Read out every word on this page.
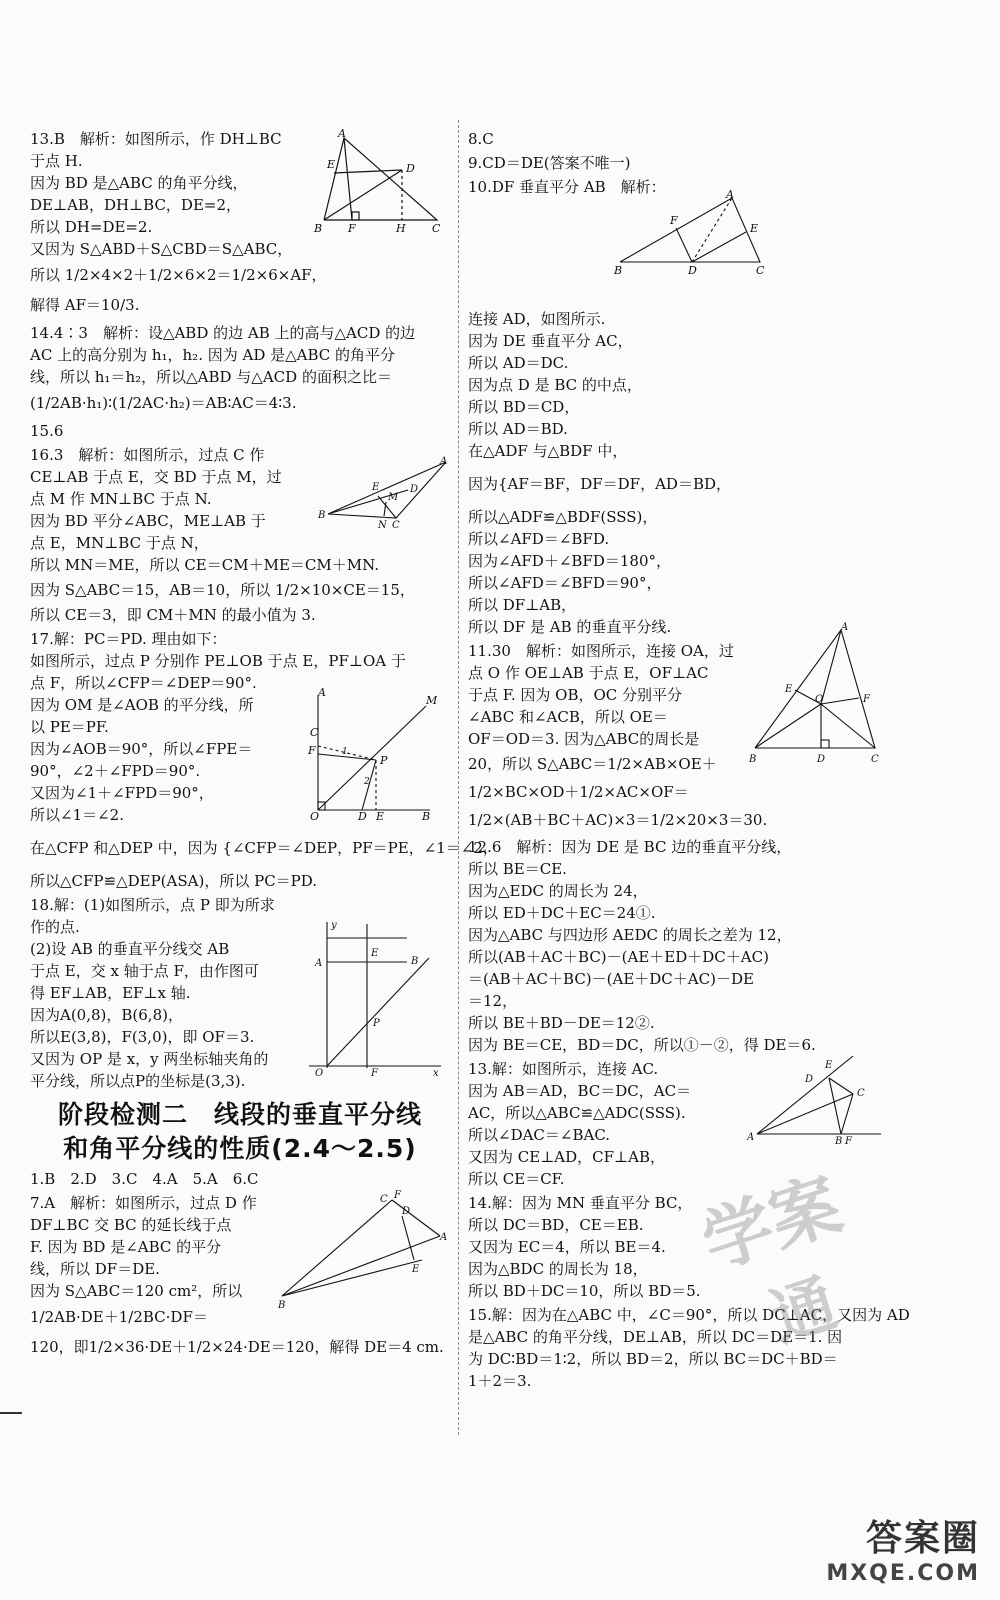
13.B　解析：如图所示，作 DH⊥BC
于点 H.
因为 BD 是△ABC 的角平分线，
DE⊥AB，DH⊥BC，DE=2，
所以 DH=DE=2.
又因为 S△ABD＋S△CBD＝S△ABC，
所以 1/2×4×2＋1/2×6×2＝1/2×6×AF，
解得 AF＝10/3.
14.4∶3　解析：设△ABD 的边 AB 上的高与△ACD 的边
AC 上的高分别为 h₁，h₂. 因为 AD 是△ABC 的角平分
线，所以 h₁＝h₂，所以△ABD 与△ACD 的面积之比＝
(1/2AB·h₁)∶(1/2AC·h₂)＝AB∶AC＝4∶3.
15.6
16.3　解析：如图所示，过点 C 作
CE⊥AB 于点 E，交 BD 于点 M，过
点 M 作 MN⊥BC 于点 N.
因为 BD 平分∠ABC，ME⊥AB 于
点 E，MN⊥BC 于点 N，
所以 MN＝ME，所以 CE＝CM＋ME＝CM＋MN.
因为 S△ABC＝15，AB＝10，所以 1/2×10×CE＝15，
所以 CE＝3，即 CM＋MN 的最小值为 3.
17.解：PC＝PD. 理由如下：
如图所示，过点 P 分别作 PE⊥OB 于点 E，PF⊥OA 于
点 F，所以∠CFP＝∠DEP＝90°.
因为 OM 是∠AOB 的平分线，所
以 PE＝PF.
因为∠AOB＝90°，所以∠FPE＝
90°，∠2＋∠FPD＝90°.
又因为∠1＋∠FPD＝90°，
所以∠1＝∠2.
在△CFP 和△DEP 中，因为 {∠CFP＝∠DEP，PF＝PE，∠1＝∠2，
所以△CFP≌△DEP(ASA)，所以 PC＝PD.
18.解：(1)如图所示，点 P 即为所求
作的点.
(2)设 AB 的垂直平分线交 AB
于点 E，交 x 轴于点 F，由作图可
得 EF⊥AB，EF⊥x 轴.
因为A(0,8)，B(6,8)，
所以E(3,8)，F(3,0)，即 OF＝3.
又因为 OP 是 x，y 两坐标轴夹角的
平分线，所以点P的坐标是(3,3).
阶段检测二　线段的垂直平分线
和角平分线的性质(2.4～2.5)
1.B　2.D　3.C　4.A　5.A　6.C
7.A　解析：如图所示，过点 D 作
DF⊥BC 交 BC 的延长线于点
F. 因为 BD 是∠ABC 的平分
线，所以 DF＝DE.
因为 S△ABC＝120 cm²，所以
1/2AB·DE＋1/2BC·DF＝
120，即1/2×36·DE＋1/2×24·DE＝120，解得 DE＝4 cm.
8.C
9.CD＝DE(答案不唯一)
10.DF 垂直平分 AB　解析：
连接 AD，如图所示.
因为 DE 垂直平分 AC，
所以 AD＝DC.
因为点 D 是 BC 的中点，
所以 BD＝CD，
所以 AD＝BD.
在△ADF 与△BDF 中，
因为{AF＝BF，DF＝DF，AD＝BD，
所以△ADF≌△BDF(SSS)，
所以∠AFD＝∠BFD.
因为∠AFD＋∠BFD＝180°，
所以∠AFD＝∠BFD＝90°，
所以 DF⊥AB，
所以 DF 是 AB 的垂直平分线.
11.30　解析：如图所示，连接 OA，过
点 O 作 OE⊥AB 于点 E，OF⊥AC
于点 F. 因为 OB，OC 分别平分
∠ABC 和∠ACB，所以 OE＝
OF＝OD＝3. 因为△ABC的周长是
20，所以 S△ABC＝1/2×AB×OE＋
1/2×BC×OD＋1/2×AC×OF＝
1/2×(AB＋BC＋AC)×3＝1/2×20×3＝30.
12.6　解析：因为 DE 是 BC 边的垂直平分线，
所以 BE＝CE.
因为△EDC 的周长为 24，
所以 ED＋DC＋EC＝24①.
因为△ABC 与四边形 AEDC 的周长之差为 12，
所以(AB＋AC＋BC)－(AE＋ED＋DC＋AC)
＝(AB＋AC＋BC)－(AE＋DC＋AC)－DE
＝12，
所以 BE＋BD－DE＝12②.
因为 BE＝CE，BD＝DC，所以①－②，得 DE＝6.
13.解：如图所示，连接 AC.
因为 AB＝AD，BC＝DC，AC＝
AC，所以△ABC≌△ADC(SSS).
所以∠DAC＝∠BAC.
又因为 CE⊥AD，CF⊥AB，
所以 CE＝CF.
14.解：因为 MN 垂直平分 BC，
所以 DC＝BD，CE＝EB.
又因为 EC＝4，所以 BE＝4.
因为△BDC 的周长为 18，
所以 BD＋DC＝10，所以 BD＝5.
15.解：因为在△ABC 中，∠C＝90°，所以 DC⊥AC，又因为 AD
是△ABC 的角平分线，DE⊥AB，所以 DC＝DE＝1. 因
为 DC∶BD＝1∶2，所以 BD＝2，所以 BC＝DC＋BD＝
1＋2＝3.
A
E	D
B F	H C
A
B
E
M
D
N C
A
M
C
F
P
O	D E	B
2
1
y
A
E
B
P
O	F	x
C F
D
A
E
B
A
F
E
B	D	C
A
E
O	F
B	D	C
D
E
C
A	B F
学案
通
答案圈
MXQE.COM
